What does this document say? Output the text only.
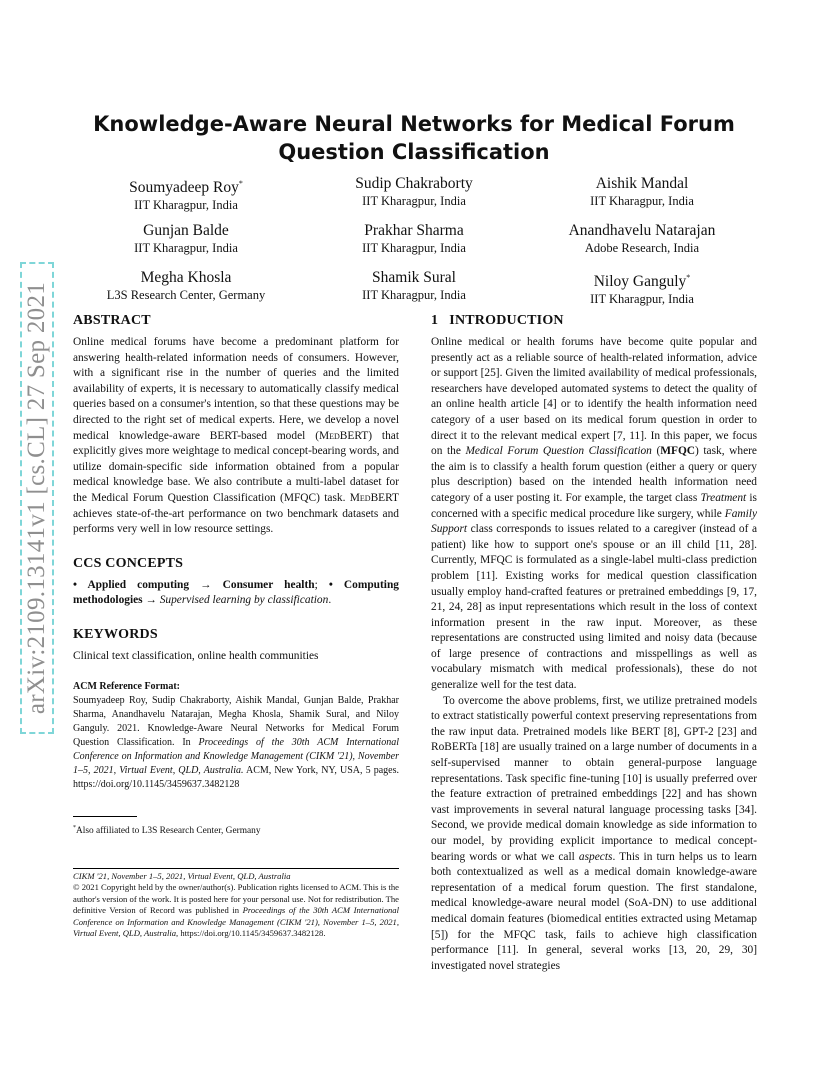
arXiv:2109.13141v1 [cs.CL] 27 Sep 2021
Knowledge-Aware Neural Networks for Medical Forum
Question Classification
Soumyadeep Roy*
IIT Kharagpur, India
Sudip Chakraborty
IIT Kharagpur, India
Aishik Mandal
IIT Kharagpur, India
Gunjan Balde
IIT Kharagpur, India
Prakhar Sharma
IIT Kharagpur, India
Anandhavelu Natarajan
Adobe Research, India
Megha Khosla
L3S Research Center, Germany
Shamik Sural
IIT Kharagpur, India
Niloy Ganguly*
IIT Kharagpur, India
ABSTRACT

Online medical forums have become a predominant platform for answering health-related information needs of consumers. However, with a significant rise in the number of queries and the limited availability of experts, it is necessary to automatically classify medical queries based on a consumer's intention, so that these questions may be directed to the right set of medical experts. Here, we develop a novel medical knowledge-aware BERT-based model (MedBERT) that explicitly gives more weightage to medical concept-bearing words, and utilize domain-specific side information obtained from a popular medical knowledge base. We also contribute a multi-label dataset for the Medical Forum Question Classification (MFQC) task. MedBERT achieves state-of-the-art performance on two benchmark datasets and performs very well in low resource settings.

CCS CONCEPTS

• Applied computing → Consumer health; • Computing methodologies → Supervised learning by classification.

KEYWORDS

Clinical text classification, online health communities

ACM Reference Format:

Soumyadeep Roy, Sudip Chakraborty, Aishik Mandal, Gunjan Balde, Prakhar Sharma, Anandhavelu Natarajan, Megha Khosla, Shamik Sural, and Niloy Ganguly. 2021. Knowledge-Aware Neural Networks for Medical Forum Question Classification. In Proceedings of the 30th ACM International Conference on Information and Knowledge Management (CIKM '21), November 1–5, 2021, Virtual Event, QLD, Australia. ACM, New York, NY, USA, 5 pages. https://doi.org/10.1145/3459637.3482128

*Also affiliated to L3S Research Center, Germany

CIKM '21, November 1–5, 2021, Virtual Event, QLD, Australia

© 2021 Copyright held by the owner/author(s). Publication rights licensed to ACM. This is the author's version of the work. It is posted here for your personal use. Not for redistribution. The definitive Version of Record was published in Proceedings of the 30th ACM International Conference on Information and Knowledge Management (CIKM '21), November 1–5, 2021, Virtual Event, QLD, Australia, https://doi.org/10.1145/3459637.3482128.

1   INTRODUCTION

Online medical or health forums have become quite popular and presently act as a reliable source of health-related information, advice or support [25]. Given the limited availability of medical professionals, researchers have developed automated systems to detect the quality of an online health article [4] or to identify the health information need category of a user based on its medical forum question in order to direct it to the relevant medical expert [7, 11]. In this paper, we focus on the Medical Forum Question Classification (MFQC) task, where the aim is to classify a health forum question (either a query or query plus description) based on the intended health information need category of a user posting it. For example, the target class Treatment is concerned with a specific medical procedure like surgery, while Family Support class corresponds to issues related to a caregiver (instead of a patient) like how to support one's spouse or an ill child [11, 28]. Currently, MFQC is formulated as a single-label multi-class prediction problem [11]. Existing works for medical question classification usually employ hand-crafted features or pretrained embeddings [9, 17, 21, 24, 28] as input representations which result in the loss of context information present in the raw input. Moreover, as these representations are constructed using limited and noisy data (because of large presence of contractions and misspellings as well as vocabulary mismatch with medical professionals), these do not generalize well for the test data.

To overcome the above problems, first, we utilize pretrained models to extract statistically powerful context preserving representations from the raw input data. Pretrained models like BERT [8], GPT-2 [23] and RoBERTa [18] are usually trained on a large number of documents in a self-supervised manner to obtain general-purpose language representations. Task specific fine-tuning [10] is usually preferred over the feature extraction of pretrained embeddings [22] and has shown vast improvements in several natural language processing tasks [34]. Second, we provide medical domain knowledge as side information to our model, by providing explicit importance to medical concept-bearing words or what we call aspects. This in turn helps us to learn both contextualized as well as a medical domain knowledge-aware representation of a medical forum question. The first standalone, medical knowledge-aware neural model (SoA-DN) to use additional medical domain features (biomedical entities extracted using Metamap [5]) for the MFQC task, fails to achieve high classification performance [11]. In general, several works [13, 20, 29, 30] investigated novel strategies
